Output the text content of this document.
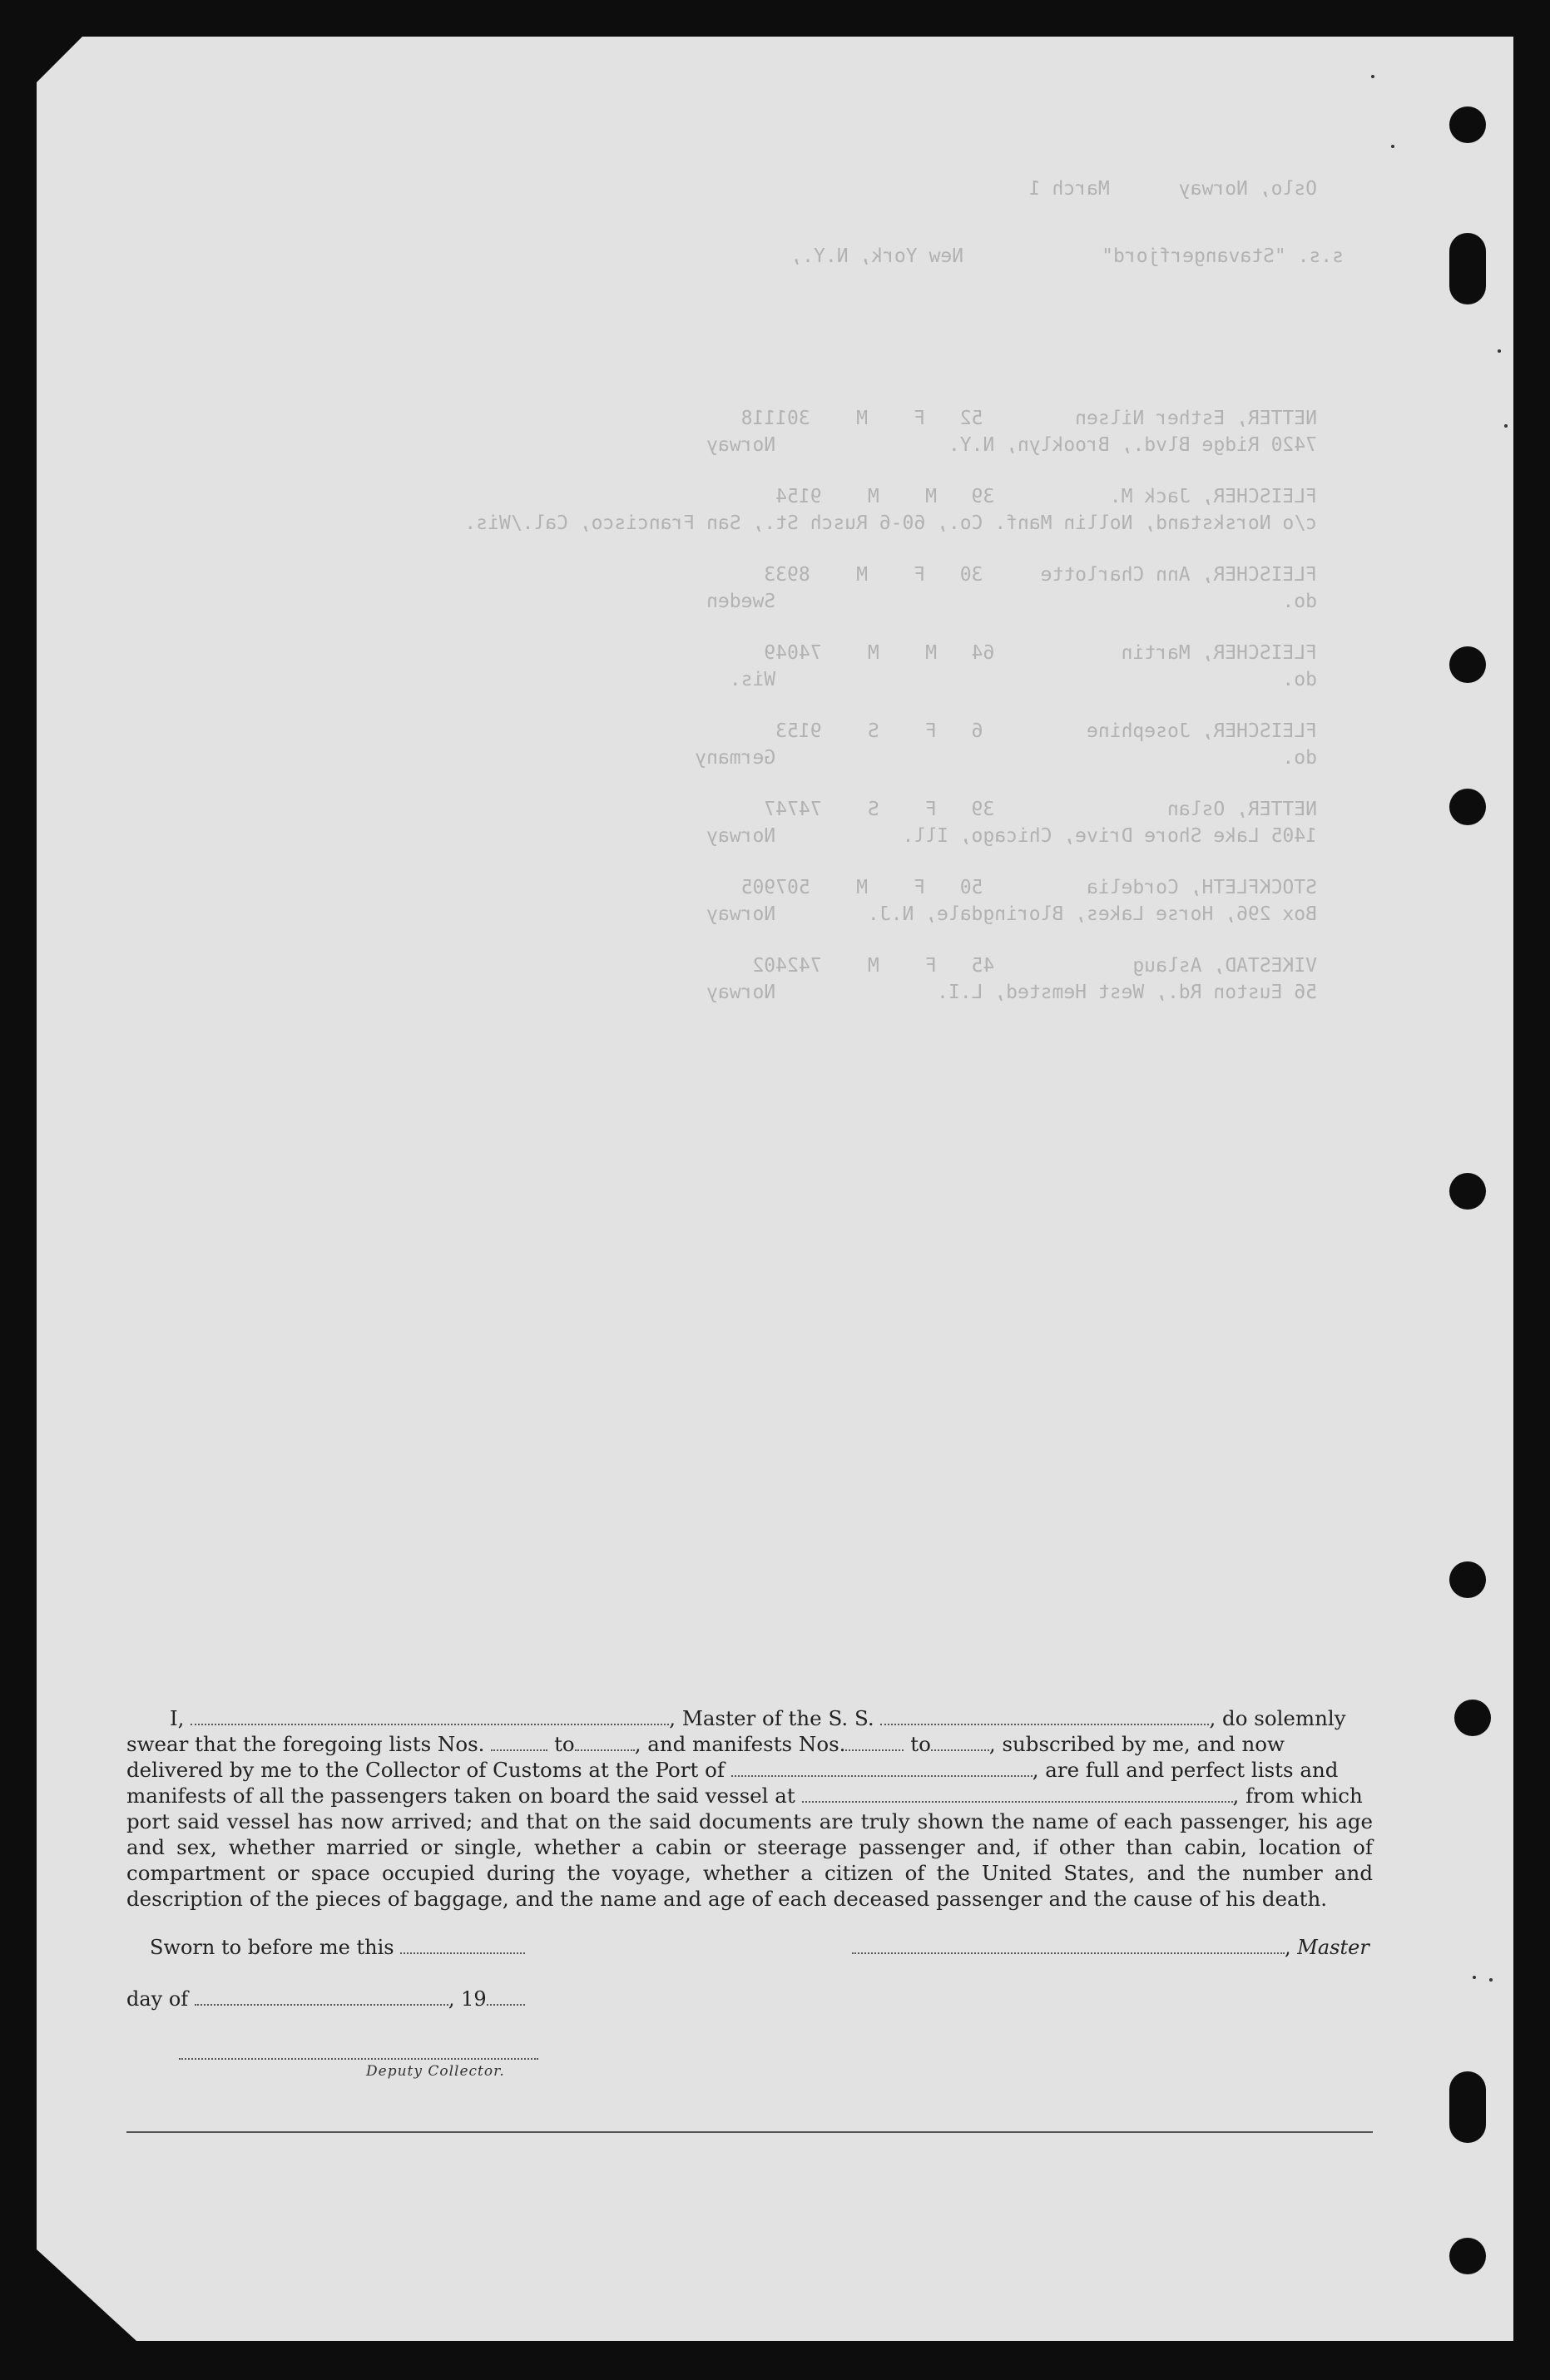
Oslo, Norway      March 1

s.s. "Stavangerfjord"            New York, N.Y.,

NETTER, Esther Nilsen        52   F    M    301118

7420 Ridge Blvd., Brooklyn, N.Y.               Norway

FLEISCHER, Jack M.          39   M    M    9154

c/o Norskstand, Nollin Manf. Co., 60-6 Rusch St., San Francisco, Cal./Wis.

FLEISCHER, Ann Charlotte     30   F    M    8933

do.                                            Sweden

FLEISCHER, Martin           64   M    M    74049

do.                                            Wis.

FLEISCHER, Josephine         6   F    S    9153

do.                                            Germany

NETTER, Oslan               39   F    S    74747

1405 Lake Shore Drive, Chicago, Ill.           Norway

STOCKFLETH, Cordelia         50   F    M    507905

Box 296, Horse Lakes, Bloringdale, N.J.        Norway

VIKESTAD, Aslaug            45   F    M    742402

56 Euston Rd., West Hemsted, L.I.              Norway

I,	, Master of the S. S.	, do solemnly

swear that the foregoing lists Nos.	to	, and manifests Nos.	to	, subscribed by me, and now

delivered by me to the Collector of Customs at the Port of	, are full and perfect lists and

manifests of all the passengers taken on board the said vessel at	, from which

port said vessel has now arrived; and that on the said documents are truly shown the name of each passenger, his age and sex, whether married or single, whether a cabin or steerage passenger and, if other than cabin, location of compartment or space occupied during the voyage, whether a citizen of the United States, and the number and description of the pieces of baggage, and the name and age of each deceased passenger and the cause of his death.

Sworn to before me this	, Master
day of	, 19
Deputy Collector.
